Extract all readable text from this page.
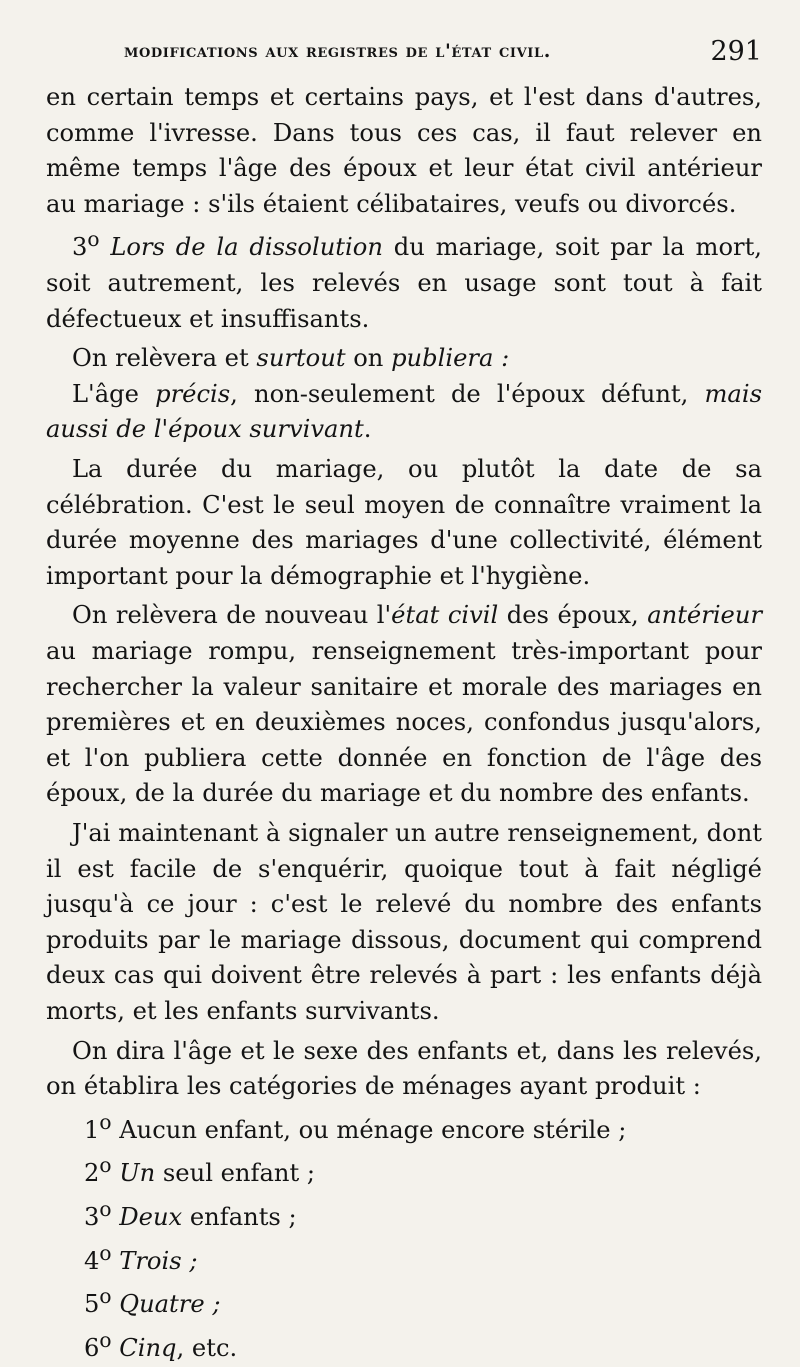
modifications aux registres de l'état civil.	291

en certain temps et certains pays, et l'est dans d'autres, comme l'ivresse. Dans tous ces cas, il faut relever en même temps l'âge des époux et leur état civil antérieur au mariage : s'ils étaient célibataires, veufs ou divorcés.

3$^o$ Lors de la dissolution du mariage, soit par la mort, soit autrement, les relevés en usage sont tout à fait défectueux et insuffisants.

On relèvera et surtout on publiera :

L'âge précis, non-seulement de l'époux défunt, mais aussi de l'époux survivant.

La durée du mariage, ou plutôt la date de sa célébration. C'est le seul moyen de connaître vraiment la durée moyenne des mariages d'une collectivité, élément important pour la démographie et l'hygiène.

On relèvera de nouveau l'état civil des époux, antérieur au mariage rompu, renseignement très-important pour rechercher la valeur sanitaire et morale des mariages en premières et en deuxièmes noces, confondus jusqu'alors, et l'on publiera cette donnée en fonction de l'âge des époux, de la durée du mariage et du nombre des enfants.

J'ai maintenant à signaler un autre renseignement, dont il est facile de s'enquérir, quoique tout à fait négligé jusqu'à ce jour : c'est le relevé du nombre des enfants produits par le mariage dissous, document qui comprend deux cas qui doivent être relevés à part : les enfants déjà morts, et les enfants survivants.

On dira l'âge et le sexe des enfants et, dans les relevés, on établira les catégories de ménages ayant produit :

1$^o$ Aucun enfant, ou ménage encore stérile ;
2$^o$ Un seul enfant ;
3$^o$ Deux enfants ;
4$^o$ Trois ;
5$^o$ Quatre ;
6$^o$ Cinq, etc.
